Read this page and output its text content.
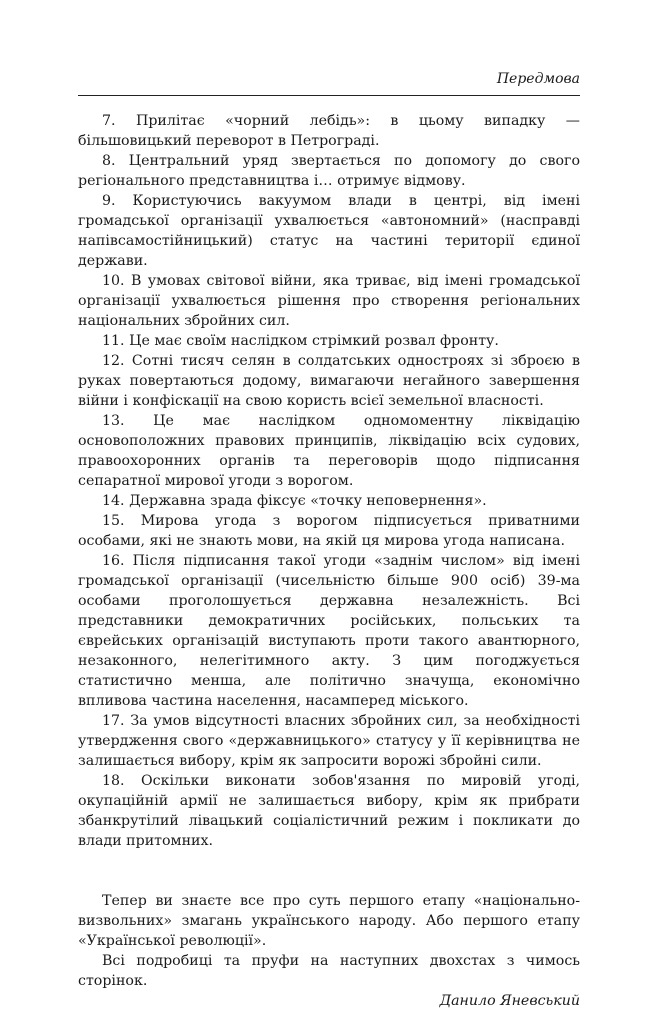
Передмова

7. Прилітає «чорний лебідь»: в цьому випадку — більшовицький переворот в Петрограді.

8. Центральний уряд звертається по допомогу до свого регіонального представництва і… отримує відмову.

9. Користуючись вакуумом влади в центрі, від імені громадської організації ухвалюється «автономний» (насправді напівсамостійницький) статус на частині території єдиної держави.

10. В умовах світової війни, яка триває, від імені громадської організації ухвалюється рішення про створення регіональних національних збройних сил.

11. Це має своїм наслідком стрімкий розвал фронту.

12. Сотні тисяч селян в солдатських одностроях зі зброєю в руках повертаються додому, вимагаючи негайного завершення війни і конфіскації на свою користь всієї земельної власності.

13. Це має наслідком одномоментну ліквідацію основоположних правових принципів, ліквідацію всіх судових, правоохоронних органів та переговорів щодо підписання сепаратної мирової угоди з ворогом.

14. Державна зрада фіксує «точку неповернення».

15. Мирова угода з ворогом підписується приватними особами, які не знають мови, на якій ця мирова угода написана.

16. Після підписання такої угоди «заднім числом» від імені громадської організації (чисельністю більше 900 осіб) 39-ма особами проголошується державна незалежність. Всі представники демократичних російських, польських та єврейських організацій виступають проти такого авантюрного, незаконного, нелегітимного акту. З цим погоджується статистично менша, але політично значуща, економічно впливова частина населення, насамперед міського.

17. За умов відсутності власних збройних сил, за необхідності утвердження свого «державницького» статусу у її керівництва не залишається вибору, крім як запросити ворожі збройні сили.

18. Оскільки виконати зобов'язання по мировій угоді, окупаційній армії не залишається вибору, крім як прибрати збанкрутілий лівацький соціалістичний режим і покликати до влади притомних.

Тепер ви знаєте все про суть першого етапу «національно-визвольних» змагань українського народу. Або першого етапу «Української революції».

Всі подробиці та пруфи на наступних двохстах з чимось сторінок.

Данило Яневський
